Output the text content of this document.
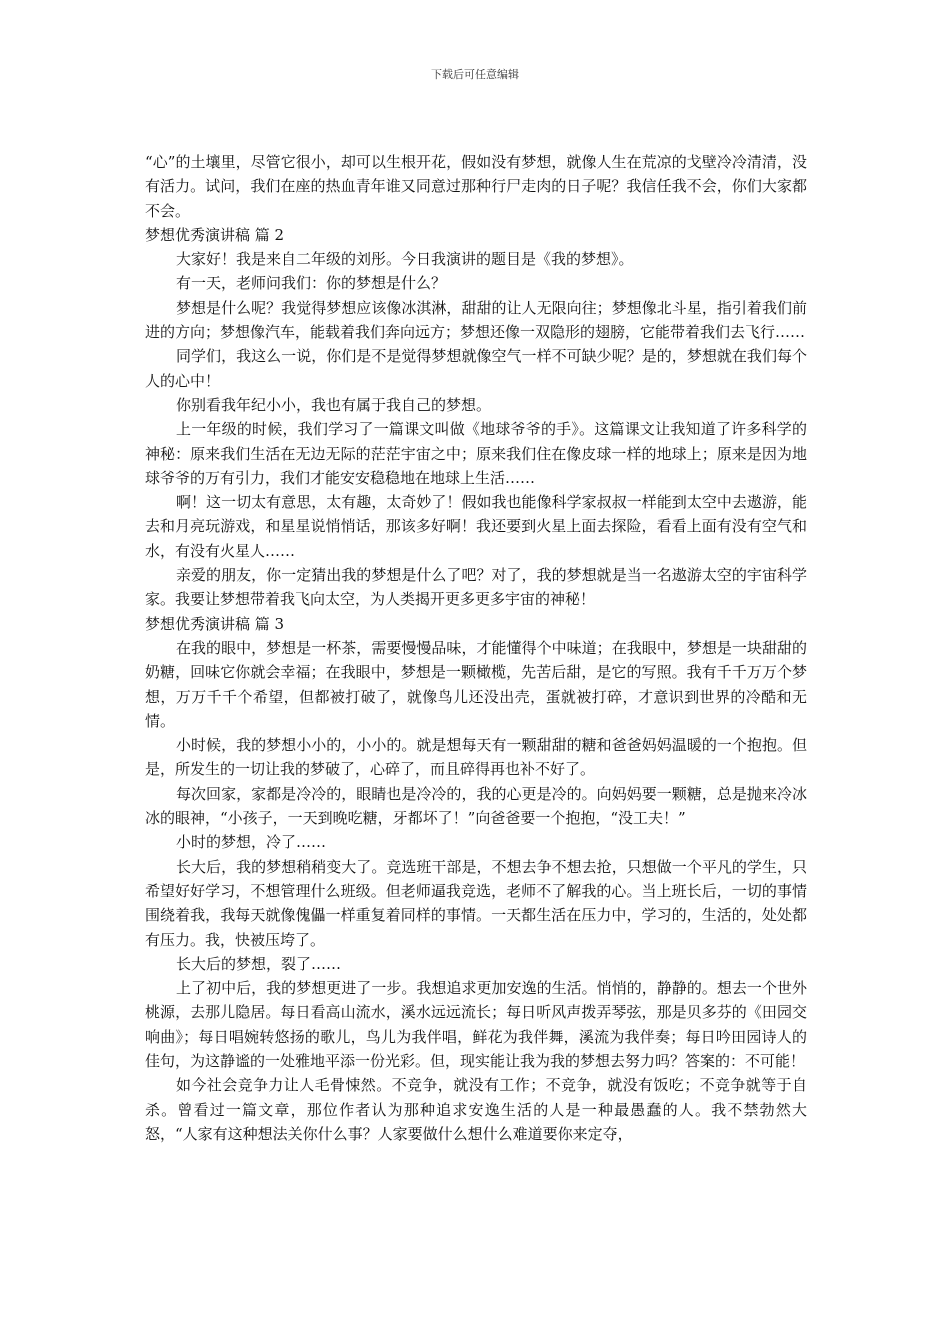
下载后可任意编辑

“心”的土壤里，尽管它很小，却可以生根开花，假如没有梦想，就像人生在荒凉的戈壁冷冷清清，没有活力。试问，我们在座的热血青年谁又同意过那种行尸走肉的日子呢？我信任我不会，你们大家都不会。

梦想优秀演讲稿 篇 2

大家好！我是来自二年级的刘彤。今日我演讲的题目是《我的梦想》。

有一天，老师问我们：你的梦想是什么？

梦想是什么呢？我觉得梦想应该像冰淇淋，甜甜的让人无限向往；梦想像北斗星，指引着我们前进的方向；梦想像汽车，能载着我们奔向远方；梦想还像一双隐形的翅膀，它能带着我们去飞行……

同学们，我这么一说，你们是不是觉得梦想就像空气一样不可缺少呢？是的，梦想就在我们每个人的心中！

你别看我年纪小小，我也有属于我自己的梦想。

上一年级的时候，我们学习了一篇课文叫做《地球爷爷的手》。这篇课文让我知道了许多科学的神秘：原来我们生活在无边无际的茫茫宇宙之中；原来我们住在像皮球一样的地球上；原来是因为地球爷爷的万有引力，我们才能安安稳稳地在地球上生活……

啊！这一切太有意思，太有趣，太奇妙了！假如我也能像科学家叔叔一样能到太空中去遨游，能去和月亮玩游戏，和星星说悄悄话，那该多好啊！我还要到火星上面去探险，看看上面有没有空气和水，有没有火星人……

亲爱的朋友，你一定猜出我的梦想是什么了吧？对了，我的梦想就是当一名遨游太空的宇宙科学家。我要让梦想带着我飞向太空，为人类揭开更多更多宇宙的神秘！

梦想优秀演讲稿 篇 3

在我的眼中，梦想是一杯茶，需要慢慢品味，才能懂得个中味道；在我眼中，梦想是一块甜甜的奶糖，回味它你就会幸福；在我眼中，梦想是一颗橄榄，先苦后甜，是它的写照。我有千千万万个梦想，万万千千个希望，但都被打破了，就像鸟儿还没出壳，蛋就被打碎，才意识到世界的冷酷和无情。

小时候，我的梦想小小的，小小的。就是想每天有一颗甜甜的糖和爸爸妈妈温暖的一个抱抱。但是，所发生的一切让我的梦破了，心碎了，而且碎得再也补不好了。

每次回家，家都是冷冷的，眼睛也是冷冷的，我的心更是冷的。向妈妈要一颗糖，总是抛来冷冰冰的眼神，“小孩子，一天到晚吃糖，牙都坏了！”向爸爸要一个抱抱，“没工夫！”

小时的梦想，冷了……

长大后，我的梦想稍稍变大了。竞选班干部是，不想去争不想去抢，只想做一个平凡的学生，只希望好好学习，不想管理什么班级。但老师逼我竞选，老师不了解我的心。当上班长后，一切的事情围绕着我，我每天就像傀儡一样重复着同样的事情。一天都生活在压力中，学习的，生活的，处处都有压力。我，快被压垮了。

长大后的梦想，裂了……

上了初中后，我的梦想更进了一步。我想追求更加安逸的生活。悄悄的，静静的。想去一个世外桃源，去那儿隐居。每日看高山流水，溪水远远流长；每日听风声拨弄琴弦，那是贝多芬的《田园交响曲》；每日唱婉转悠扬的歌儿，鸟儿为我伴唱，鲜花为我伴舞，溪流为我伴奏；每日吟田园诗人的佳句，为这静谧的一处雅地平添一份光彩。但，现实能让我为我的梦想去努力吗？答案的：不可能！

如今社会竞争力让人毛骨悚然。不竞争，就没有工作；不竞争，就没有饭吃；不竞争就等于自杀。曾看过一篇文章，那位作者认为那种追求安逸生活的人是一种最愚蠢的人。我不禁勃然大怒，“人家有这种想法关你什么事？人家要做什么想什么难道要你来定夺，
